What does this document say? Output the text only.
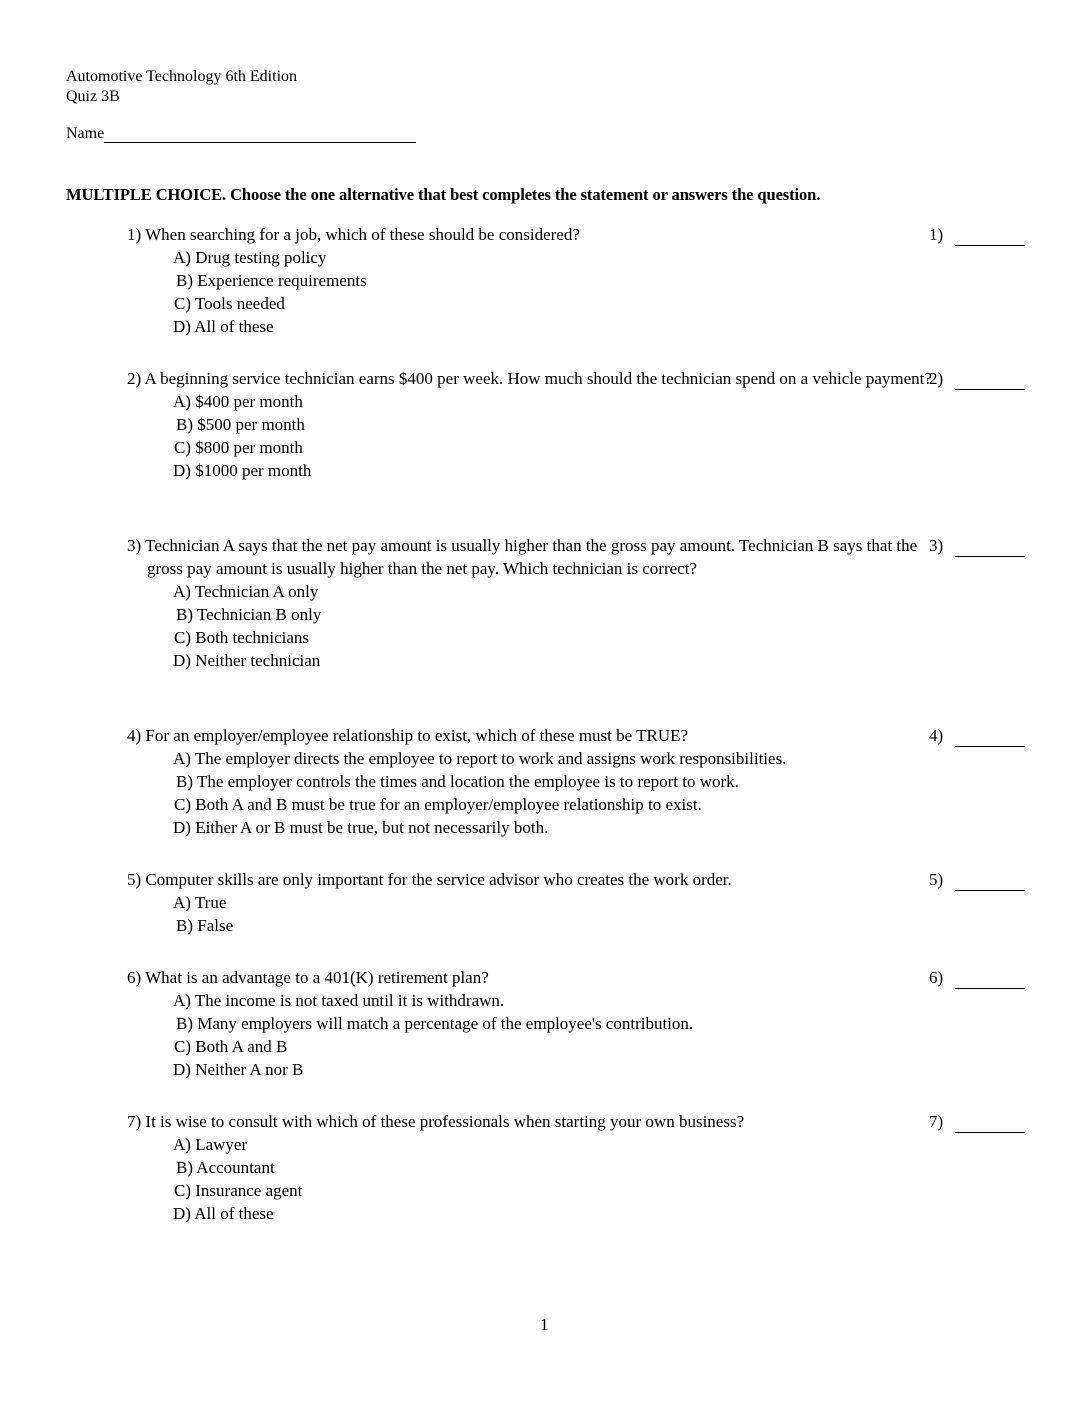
Automotive Technology 6th Edition
Quiz 3B
Name
MULTIPLE CHOICE. Choose the one alternative that best completes the statement or answers the question.
1) When searching for a job, which of these should be considered?
A) Drug testing policy
B) Experience requirements
C) Tools needed
D) All of these
1)
2) A beginning service technician earns $400 per week. How much should the technician spend on a vehicle payment?
A) $400 per month
B) $500 per month
C) $800 per month
D) $1000 per month
2)
3) Technician A says that the net pay amount is usually higher than the gross pay amount. Technician B says that the gross pay amount is usually higher than the net pay. Which technician is correct?
A) Technician A only
B) Technician B only
C) Both technicians
D) Neither technician
3)
4) For an employer/employee relationship to exist, which of these must be TRUE?
A) The employer directs the employee to report to work and assigns work responsibilities.
B) The employer controls the times and location the employee is to report to work.
C) Both A and B must be true for an employer/employee relationship to exist.
D) Either A or B must be true, but not necessarily both.
4)
5) Computer skills are only important for the service advisor who creates the work order.
A) True
B) False
5)
6) What is an advantage to a 401(K) retirement plan?
A) The income is not taxed until it is withdrawn.
B) Many employers will match a percentage of the employee's contribution.
C) Both A and B
D) Neither A nor B
6)
7) It is wise to consult with which of these professionals when starting your own business?
A) Lawyer
B) Accountant
C) Insurance agent
D) All of these
7)
1
